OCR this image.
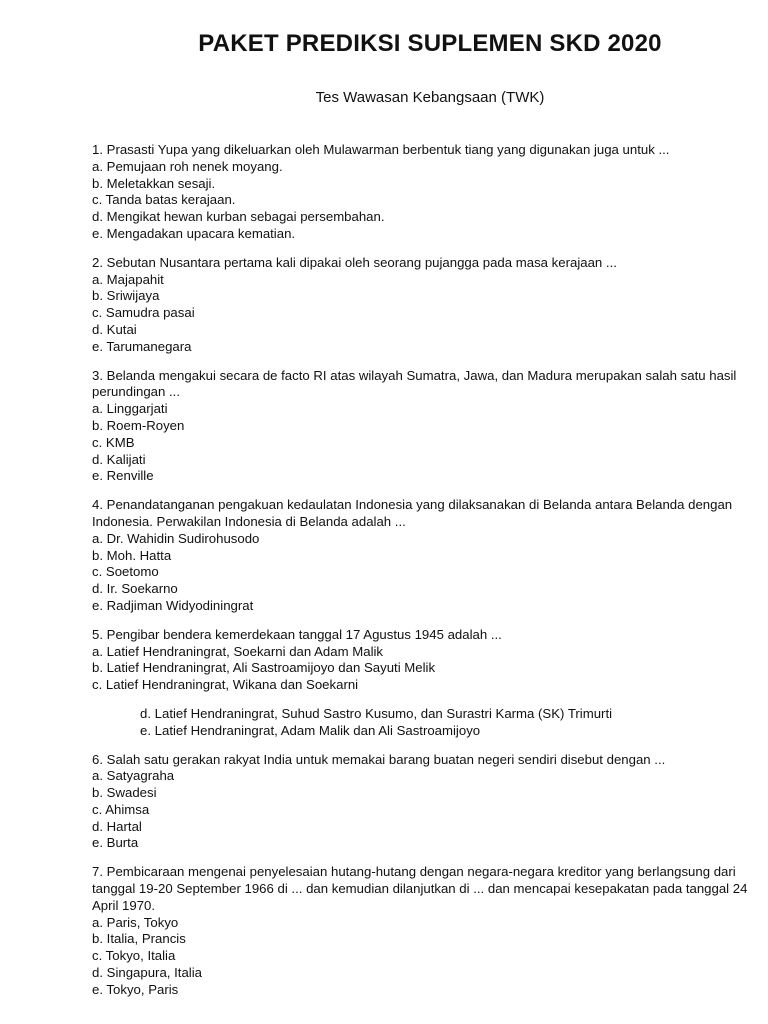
PAKET PREDIKSI SUPLEMEN SKD 2020
Tes Wawasan Kebangsaan (TWK)

1. Prasasti Yupa yang dikeluarkan oleh Mulawarman berbentuk tiang yang digunakan juga untuk ...

a. Pemujaan roh nenek moyang.
b. Meletakkan sesaji.
c. Tanda batas kerajaan.
d. Mengikat hewan kurban sebagai persembahan.
e. Mengadakan upacara kematian.

2. Sebutan Nusantara pertama kali dipakai oleh seorang pujangga pada masa kerajaan ...

a. Majapahit
b. Sriwijaya
c. Samudra pasai
d. Kutai
e. Tarumanegara

3. Belanda mengakui secara de facto RI atas wilayah Sumatra, Jawa, dan Madura merupakan salah satu hasil perundingan ...

a. Linggarjati
b. Roem-Royen
c. KMB
d. Kalijati
e. Renville

4. Penandatanganan pengakuan kedaulatan Indonesia yang dilaksanakan di Belanda antara Belanda dengan Indonesia. Perwakilan Indonesia di Belanda adalah ...

a. Dr. Wahidin Sudirohusodo
b. Moh. Hatta
c. Soetomo
d. Ir. Soekarno
e. Radjiman Widyodiningrat

5. Pengibar bendera kemerdekaan tanggal 17 Agustus 1945 adalah ...

a. Latief Hendraningrat, Soekarni dan Adam Malik
b. Latief Hendraningrat, Ali Sastroamijoyo dan Sayuti Melik
c. Latief Hendraningrat, Wikana dan Soekarni
d. Latief Hendraningrat, Suhud Sastro Kusumo, dan Surastri Karma (SK) Trimurti
e. Latief Hendraningrat, Adam Malik dan Ali Sastroamijoyo

6. Salah satu gerakan rakyat India untuk memakai barang buatan negeri sendiri disebut dengan ...

a. Satyagraha
b. Swadesi
c. Ahimsa
d. Hartal
e. Burta

7. Pembicaraan mengenai penyelesaian hutang-hutang dengan negara-negara kreditor yang berlangsung dari tanggal 19-20 September 1966 di ... dan kemudian dilanjutkan di ... dan mencapai kesepakatan pada tanggal 24 April 1970.

a. Paris, Tokyo
b. Italia, Prancis
c. Tokyo, Italia
d. Singapura, Italia
e. Tokyo, Paris
